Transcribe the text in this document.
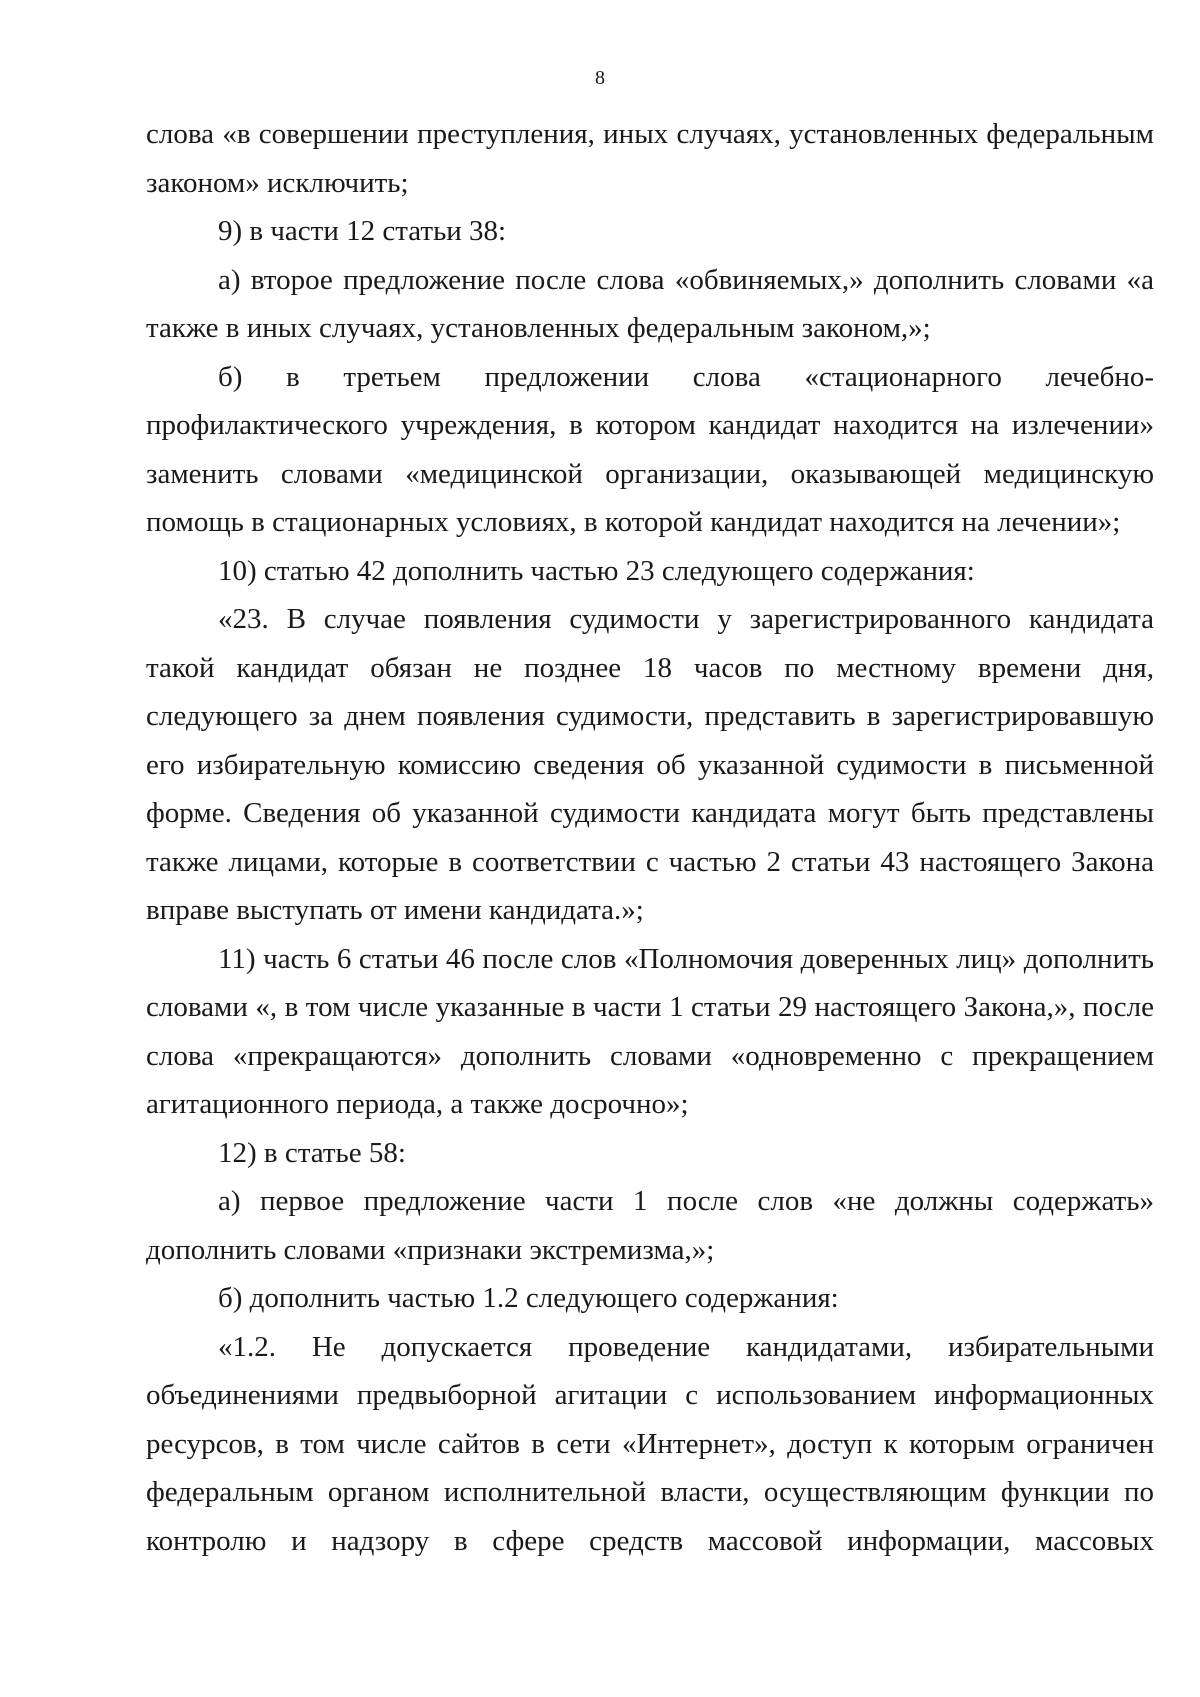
8

слова «в совершении преступления, иных случаях, установленных федеральным законом» исключить;

9) в части 12 статьи 38:

а) второе предложение после слова «обвиняемых,» дополнить словами «а также в иных случаях, установленных федеральным законом,»;

б) в третьем предложении слова «стационарного лечебно-профилактического учреждения, в котором кандидат находится на излечении» заменить словами «медицинской организации, оказывающей медицинскую помощь в стационарных условиях, в которой кандидат находится на лечении»;

10) статью 42 дополнить частью 23 следующего содержания:

«23. В случае появления судимости у зарегистрированного кандидата такой кандидат обязан не позднее 18 часов по местному времени дня, следующего за днем появления судимости, представить в зарегистрировавшую его избирательную комиссию сведения об указанной судимости в письменной форме. Сведения об указанной судимости кандидата могут быть представлены также лицами, которые в соответствии с частью 2 статьи 43 настоящего Закона вправе выступать от имени кандидата.»;

11) часть 6 статьи 46 после слов «Полномочия доверенных лиц» дополнить словами «, в том числе указанные в части 1 статьи 29 настоящего Закона,», после слова «прекращаются» дополнить словами «одновременно с прекращением агитационного периода, а также досрочно»;

12) в статье 58:

а) первое предложение части 1 после слов «не должны содержать» дополнить словами «признаки экстремизма,»;

б) дополнить частью 1.2 следующего содержания:

«1.2. Не допускается проведение кандидатами, избирательными объединениями предвыборной агитации с использованием информационных ресурсов, в том числе сайтов в сети «Интернет», доступ к которым ограничен федеральным органом исполнительной власти, осуществляющим функции по контролю и надзору в сфере средств массовой информации, массовых
